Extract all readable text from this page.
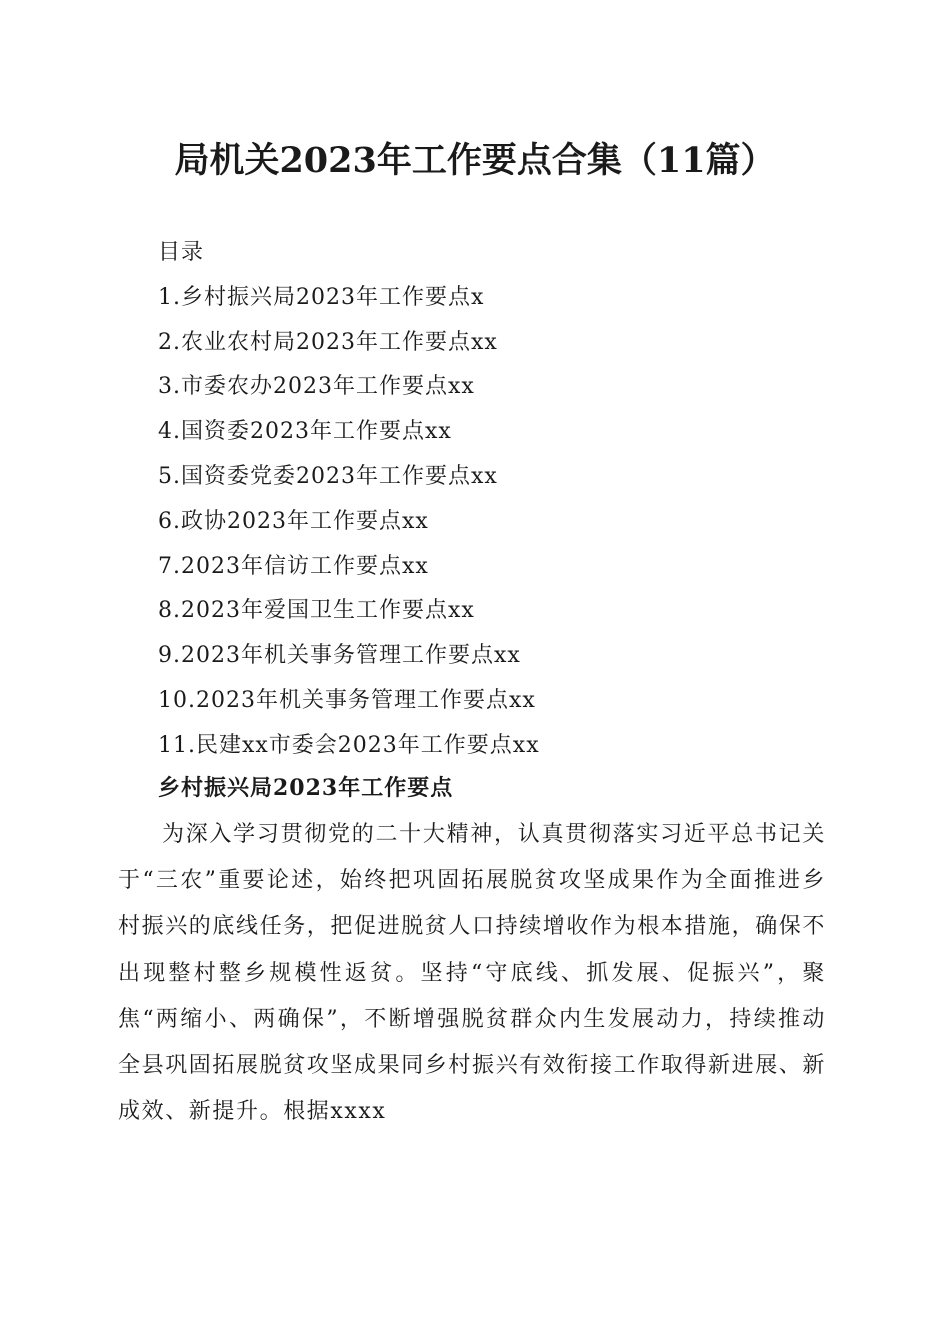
局机关2023年工作要点合集（11篇）
目录
1.乡村振兴局2023年工作要点x
2.农业农村局2023年工作要点xx
3.市委农办2023年工作要点xx
4.国资委2023年工作要点xx
5.国资委党委2023年工作要点xx
6.政协2023年工作要点xx
7.2023年信访工作要点xx
8.2023年爱国卫生工作要点xx
9.2023年机关事务管理工作要点xx
10.2023年机关事务管理工作要点xx
11.民建xx市委会2023年工作要点xx
乡村振兴局2023年工作要点

为深入学习贯彻党的二十大精神，认真贯彻落实习近平总书记关于“三农”重要论述，始终把巩固拓展脱贫攻坚成果作为全面推进乡村振兴的底线任务，把促进脱贫人口持续增收作为根本措施，确保不出现整村整乡规模性返贫。坚持“守底线、抓发展、促振兴”，聚焦“两缩小、两确保”，不断增强脱贫群众内生发展动力，持续推动全县巩固拓展脱贫攻坚成果同乡村振兴有效衔接工作取得新进展、新成效、新提升。根据xxxx
